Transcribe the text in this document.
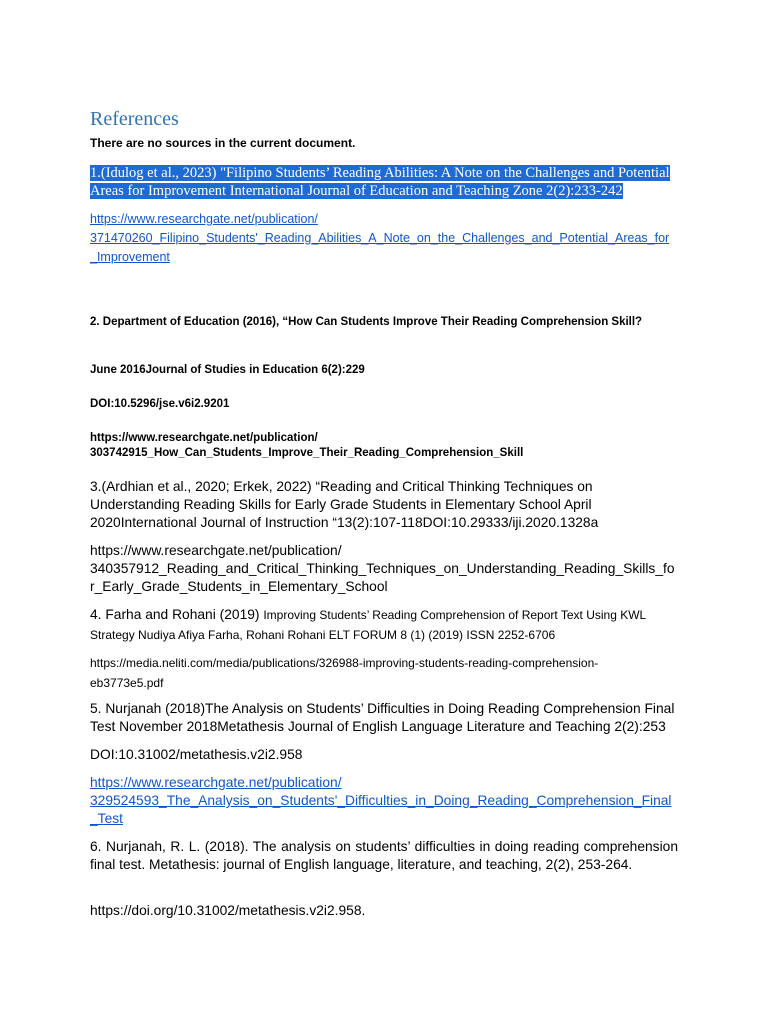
References
There are no sources in the current document.
1.(Idulog et al., 2023) "Filipino Students’ Reading Abilities: A Note on the Challenges and Potential Areas for Improvement International Journal of Education and Teaching Zone 2(2):233-242
https://www.researchgate.net/publication/
371470260_Filipino_Students'_Reading_Abilities_A_Note_on_the_Challenges_and_Potential_Areas_for
_Improvement
2. Department of Education (2016), “How Can Students Improve Their Reading Comprehension Skill?
June 2016Journal of Studies in Education 6(2):229
DOI:10.5296/jse.v6i2.9201
https://www.researchgate.net/publication/
303742915_How_Can_Students_Improve_Their_Reading_Comprehension_Skill
3.(Ardhian et al., 2020; Erkek, 2022) “Reading and Critical Thinking Techniques on Understanding Reading Skills for Early Grade Students in Elementary School April 2020International Journal of Instruction “13(2):107-118DOI:10.29333/iji.2020.1328a
https://www.researchgate.net/publication/
340357912_Reading_and_Critical_Thinking_Techniques_on_Understanding_Reading_Skills_fo
r_Early_Grade_Students_in_Elementary_School
4. Farha and Rohani (2019) Improving Students’ Reading Comprehension of Report Text Using KWL Strategy Nudiya Afiya Farha, Rohani Rohani ELT FORUM 8 (1) (2019) ISSN 2252-6706
https://media.neliti.com/media/publications/326988-improving-students-reading-comprehension-
eb3773e5.pdf
5. Nurjanah (2018)The Analysis on Students’ Difficulties in Doing Reading Comprehension Final Test November 2018Metathesis Journal of English Language Literature and Teaching 2(2):253
DOI:10.31002/metathesis.v2i2.958
https://www.researchgate.net/publication/
329524593_The_Analysis_on_Students'_Difficulties_in_Doing_Reading_Comprehension_Final
_Test
6. Nurjanah, R. L. (2018). The analysis on students’ difficulties in doing reading comprehension final test. Metathesis: journal of English language, literature, and teaching, 2(2), 253-264.
https://doi.org/10.31002/metathesis.v2i2.958.
